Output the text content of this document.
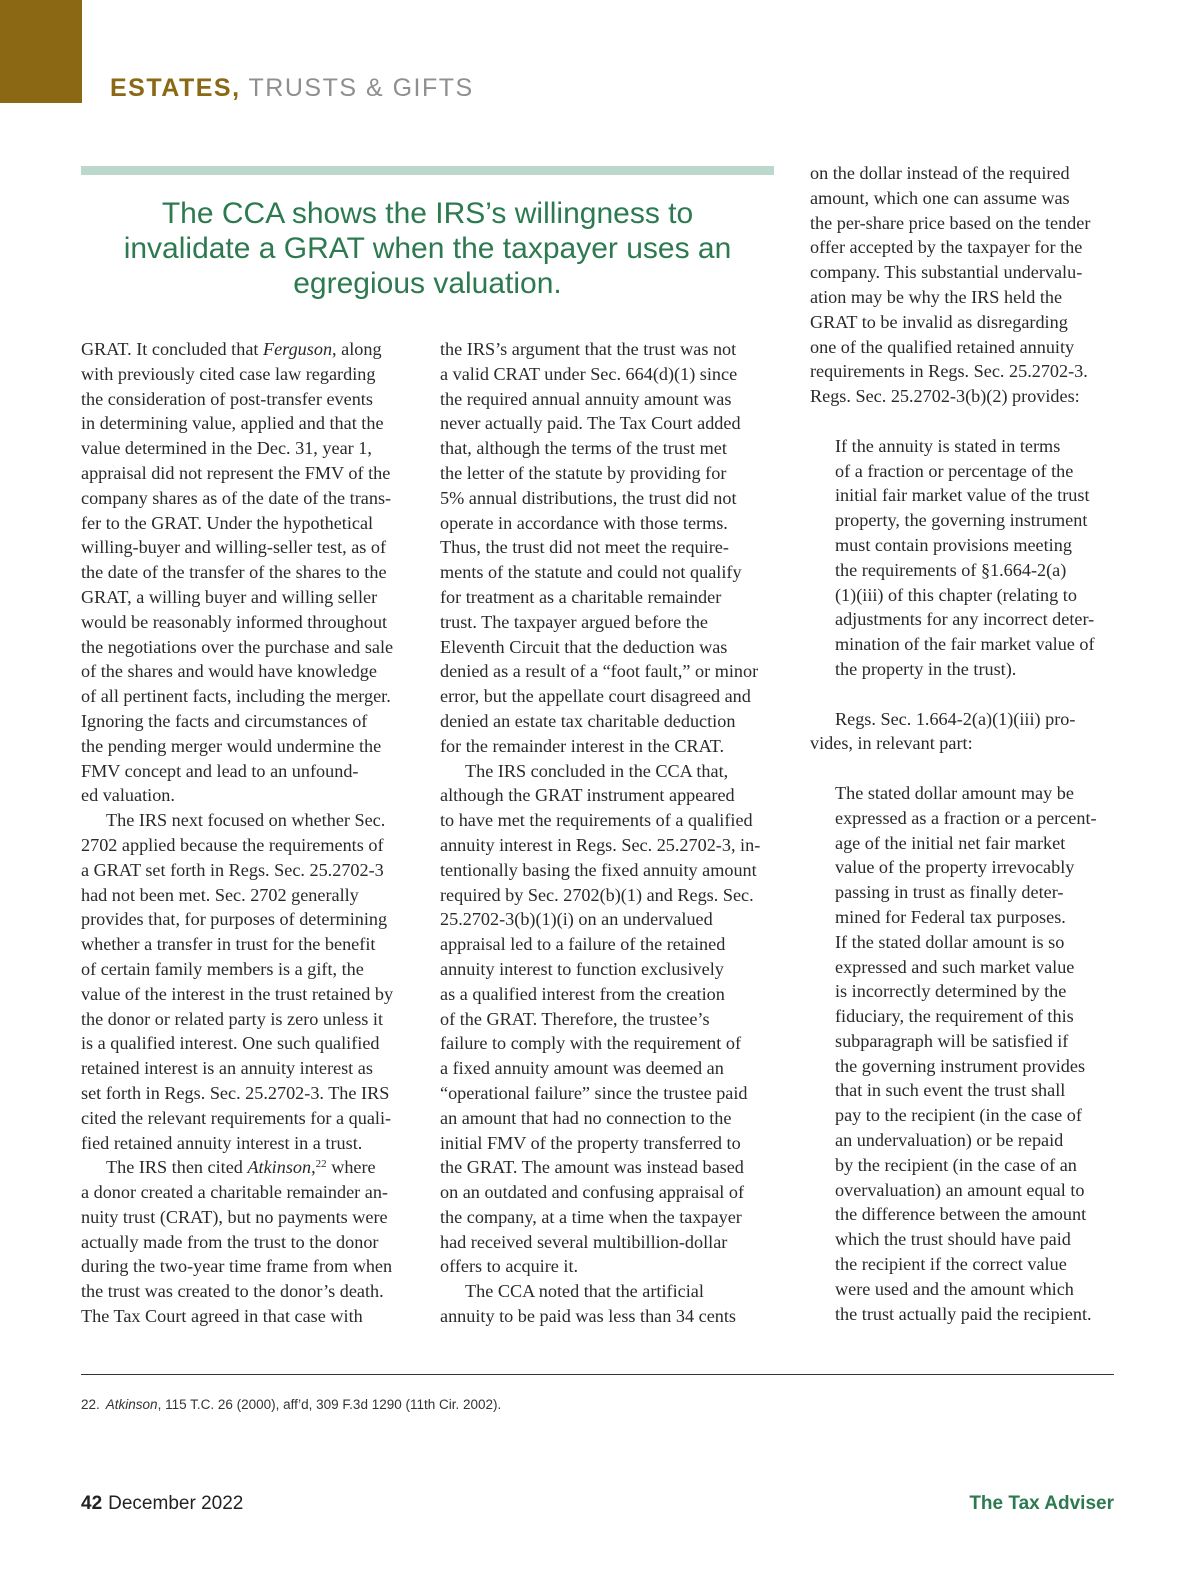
ESTATES, TRUSTS & GIFTS
The CCA shows the IRS’s willingness to
invalidate a GRAT when the taxpayer uses an
egregious valuation.
GRAT. It concluded that Ferguson, along
with previously cited case law regarding
the consideration of post-transfer events
in determining value, applied and that the
value determined in the Dec. 31, year 1,
appraisal did not represent the FMV of the
company shares as of the date of the trans-
fer to the GRAT. Under the hypothetical
willing-buyer and willing-seller test, as of
the date of the transfer of the shares to the
GRAT, a willing buyer and willing seller
would be reasonably informed throughout
the negotiations over the purchase and sale
of the shares and would have knowledge
of all pertinent facts, including the merger.
Ignoring the facts and circumstances of
the pending merger would undermine the
FMV concept and lead to an unfound-
ed valuation.
The IRS next focused on whether Sec.
2702 applied because the requirements of
a GRAT set forth in Regs. Sec. 25.2702-3
had not been met. Sec. 2702 generally
provides that, for purposes of determining
whether a transfer in trust for the benefit
of certain family members is a gift, the
value of the interest in the trust retained by
the donor or related party is zero unless it
is a qualified interest. One such qualified
retained interest is an annuity interest as
set forth in Regs. Sec. 25.2702-3. The IRS
cited the relevant requirements for a quali-
fied retained annuity interest in a trust.
The IRS then cited Atkinson,$^{22}$ where
a donor created a charitable remainder an-
nuity trust (CRAT), but no payments were
actually made from the trust to the donor
during the two-year time frame from when
the trust was created to the donor’s death.
The Tax Court agreed in that case with
the IRS’s argument that the trust was not
a valid CRAT under Sec. 664(d)(1) since
the required annual annuity amount was
never actually paid. The Tax Court added
that, although the terms of the trust met
the letter of the statute by providing for
5% annual distributions, the trust did not
operate in accordance with those terms.
Thus, the trust did not meet the require-
ments of the statute and could not qualify
for treatment as a charitable remainder
trust. The taxpayer argued before the
Eleventh Circuit that the deduction was
denied as a result of a “foot fault,” or minor
error, but the appellate court disagreed and
denied an estate tax charitable deduction
for the remainder interest in the CRAT.
The IRS concluded in the CCA that,
although the GRAT instrument appeared
to have met the requirements of a qualified
annuity interest in Regs. Sec. 25.2702-3, in-
tentionally basing the fixed annuity amount
required by Sec. 2702(b)(1) and Regs. Sec.
25.2702-3(b)(1)(i) on an undervalued
appraisal led to a failure of the retained
annuity interest to function exclusively
as a qualified interest from the creation
of the GRAT. Therefore, the trustee’s
failure to comply with the requirement of
a fixed annuity amount was deemed an
“operational failure” since the trustee paid
an amount that had no connection to the
initial FMV of the property transferred to
the GRAT. The amount was instead based
on an outdated and confusing appraisal of
the company, at a time when the taxpayer
had received several multibillion-dollar
offers to acquire it.
The CCA noted that the artificial
annuity to be paid was less than 34 cents
on the dollar instead of the required
amount, which one can assume was
the per-share price based on the tender
offer accepted by the taxpayer for the
company. This substantial undervalu-
ation may be why the IRS held the
GRAT to be invalid as disregarding
one of the qualified retained annuity
requirements in Regs. Sec. 25.2702-3.
Regs. Sec. 25.2702-3(b)(2) provides:
If the annuity is stated in terms
of a fraction or percentage of the
initial fair market value of the trust
property, the governing instrument
must contain provisions meeting
the requirements of §1.664-2(a)
(1)(iii) of this chapter (relating to
adjustments for any incorrect deter-
mination of the fair market value of
the property in the trust).
Regs. Sec. 1.664-2(a)(1)(iii) pro-
vides, in relevant part:
The stated dollar amount may be
expressed as a fraction or a percent-
age of the initial net fair market
value of the property irrevocably
passing in trust as finally deter-
mined for Federal tax purposes.
If the stated dollar amount is so
expressed and such market value
is incorrectly determined by the
fiduciary, the requirement of this
subparagraph will be satisfied if
the governing instrument provides
that in such event the trust shall
pay to the recipient (in the case of
an undervaluation) or be repaid
by the recipient (in the case of an
overvaluation) an amount equal to
the difference between the amount
which the trust should have paid
the recipient if the correct value
were used and the amount which
the trust actually paid the recipient.
22. Atkinson, 115 T.C. 26 (2000), aff’d, 309 F.3d 1290 (11th Cir. 2002).
42 December 2022	The Tax Adviser
